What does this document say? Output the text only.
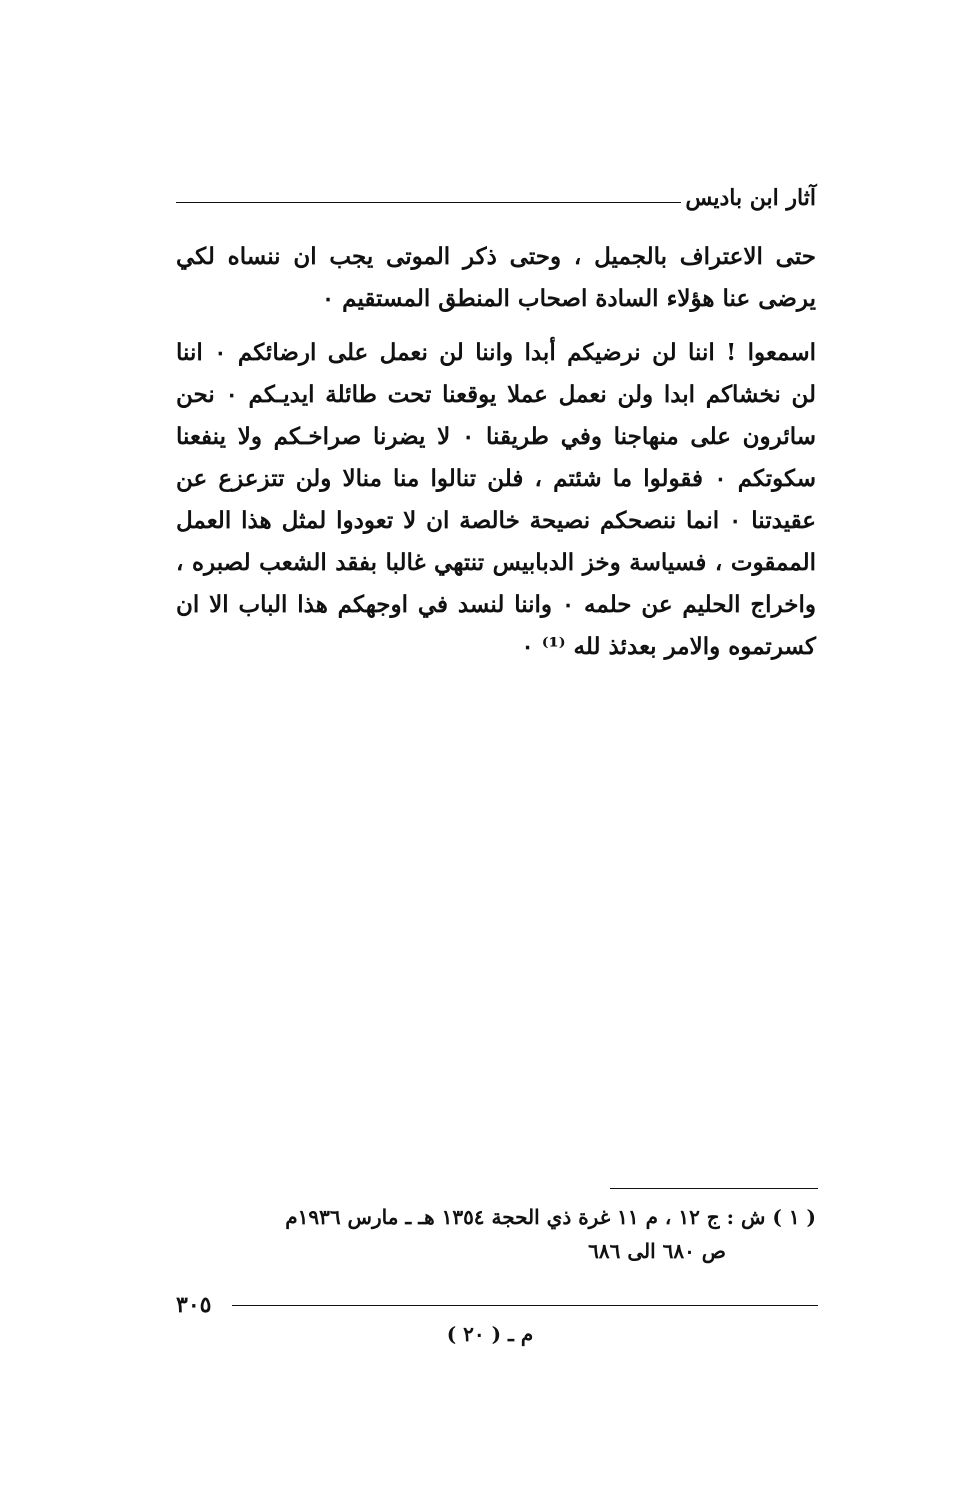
آثار ابن باديس
حتى الاعتراف بالجميل ، وحتى ذكر الموتى يجب ان ننساه لكي
يرضى عنا هؤلاء السادة اصحاب المنطق المستقيم ٠
اسمعوا ! اننا لن نرضيكم أبدا واننا لن نعمل على ارضائكم ٠ اننا
لن نخشاكم ابدا ولن نعمل عملا يوقعنا تحت طائلة ايديـكم ٠ نحن
سائرون على منهاجنا وفي طريقنا ٠ لا يضرنا صراخـكم ولا ينفعنا
سكوتكم ٠ فقولوا ما شئتم ، فلن تنالوا منا منالا ولن تتزعزع عن
عقيدتنا ٠ انما ننصحكم نصيحة خالصة ان لا تعودوا لمثل هذا العمل
الممقوت ، فسياسة وخز الدبابيس تنتهي غالبا بفقد الشعب لصبره ،
واخراج الحليم عن حلمه ٠ واننا لنسد في اوجهكم هذا الباب الا ان
كسرتموه والامر بعدئذ لله ⁽¹⁾ ٠
( ١ ) ش : ج ١٢ ، م ١١ غرة ذي الحجة ١٣٥٤ هـ ـ مارس ١٩٣٦م
ص ٦٨٠ الى ٦٨٦
٣٠٥
م ـ ( ٢٠ )
